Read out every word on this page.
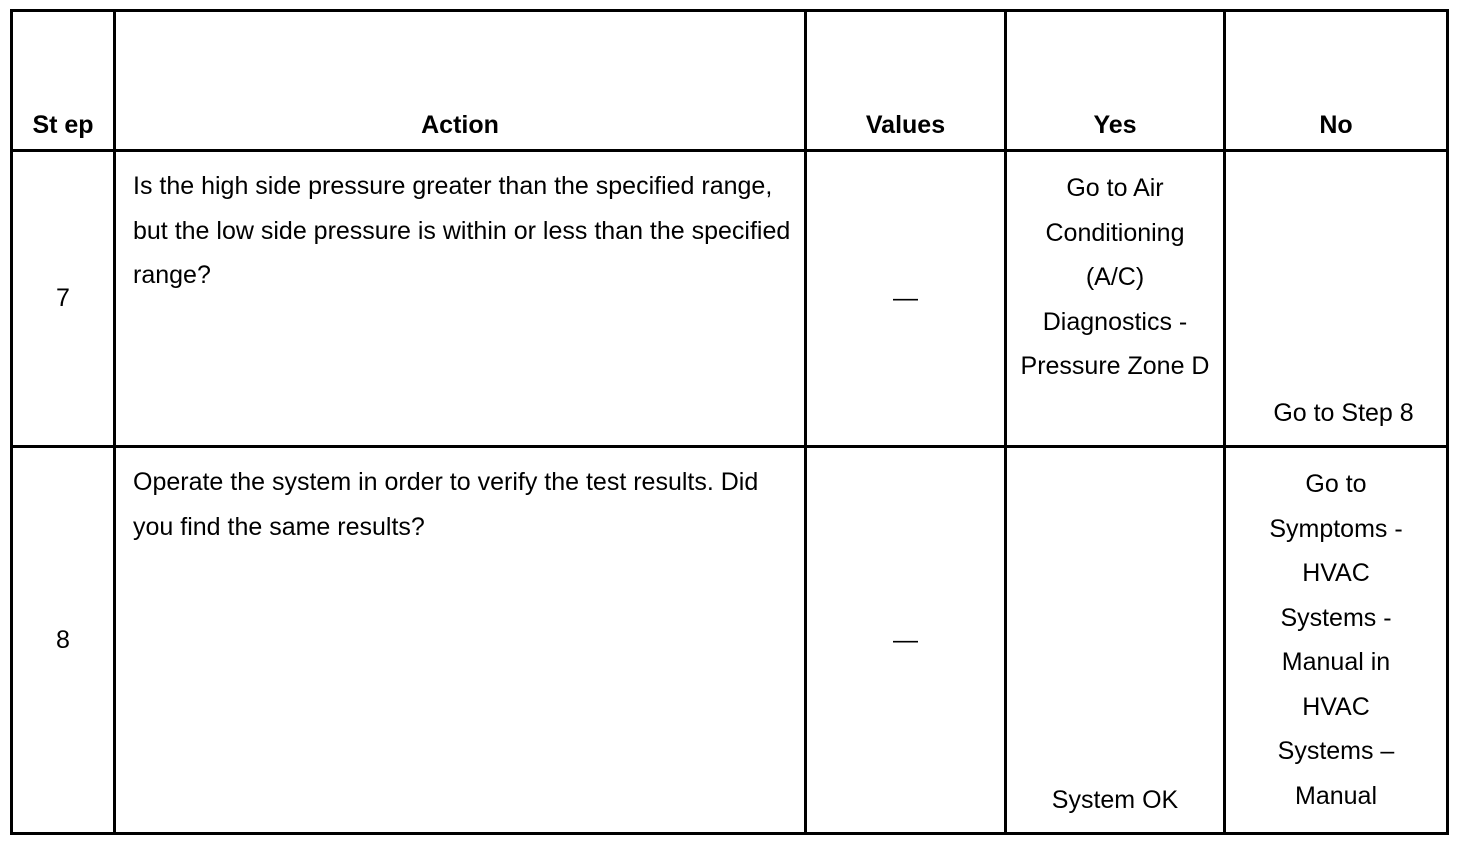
St ep	Action	Values	Yes	No
7	Is the high side pressure greater than the specified range, but the low side pressure is within or less than the specified range?	—	Go to Air Conditioning (A/C) Diagnostics - Pressure Zone D	Go to Step 8
8	Operate the system in order to verify the test results. Did you find the same results?	—	System OK	Go to Symptoms - HVAC Systems - Manual in HVAC Systems – Manual
